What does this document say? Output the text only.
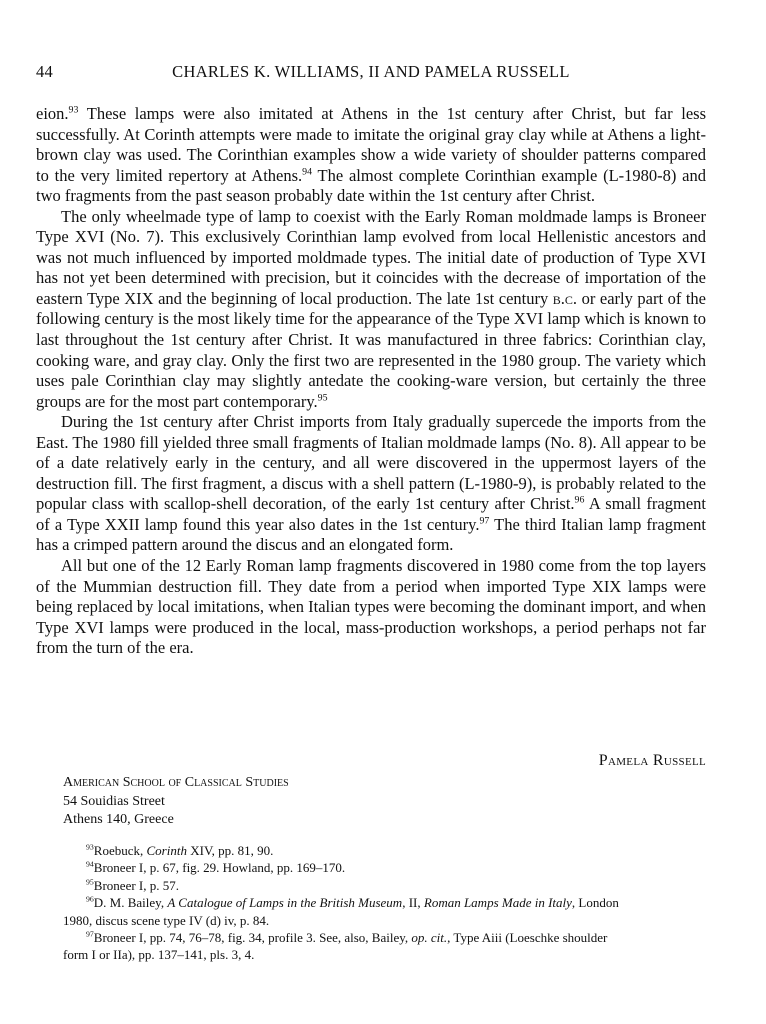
44	CHARLES K. WILLIAMS, II AND PAMELA RUSSELL

eion.$^{93}$ These lamps were also imitated at Athens in the 1st century after Christ, but far less successfully. At Corinth attempts were made to imitate the original gray clay while at Athens a light-brown clay was used. The Corinthian examples show a wide variety of shoulder patterns compared to the very limited repertory at Athens.$^{94}$ The almost complete Corinthian example (L-1980-8) and two fragments from the past season probably date within the 1st century after Christ.

The only wheelmade type of lamp to coexist with the Early Roman moldmade lamps is Broneer Type XVI (No. 7). This exclusively Corinthian lamp evolved from local Hellenistic ancestors and was not much influenced by imported moldmade types. The initial date of production of Type XVI has not yet been determined with precision, but it coincides with the decrease of importation of the eastern Type XIX and the beginning of local production. The late 1st century b.c. or early part of the following century is the most likely time for the appearance of the Type XVI lamp which is known to last throughout the 1st century after Christ. It was manufactured in three fabrics: Corinthian clay, cooking ware, and gray clay. Only the first two are represented in the 1980 group. The variety which uses pale Corinthian clay may slightly antedate the cooking-ware version, but certainly the three groups are for the most part contemporary.$^{95}$

During the 1st century after Christ imports from Italy gradually supercede the imports from the East. The 1980 fill yielded three small fragments of Italian moldmade lamps (No. 8). All appear to be of a date relatively early in the century, and all were discovered in the uppermost layers of the destruction fill. The first fragment, a discus with a shell pattern (L-1980-9), is probably related to the popular class with scallop-shell decoration, of the early 1st century after Christ.$^{96}$ A small fragment of a Type XXII lamp found this year also dates in the 1st century.$^{97}$ The third Italian lamp fragment has a crimped pattern around the discus and an elongated form.

All but one of the 12 Early Roman lamp fragments discovered in 1980 come from the top layers of the Mummian destruction fill. They date from a period when imported Type XIX lamps were being replaced by local imitations, when Italian types were becoming the dominant import, and when Type XVI lamps were produced in the local, mass-production workshops, a period perhaps not far from the turn of the era.

Pamela Russell
American School of Classical Studies
54 Souidias Street
Athens 140, Greece

$^{93}$Roebuck, Corinth XIV, pp. 81, 90.

$^{94}$Broneer I, p. 67, fig. 29. Howland, pp. 169–170.

$^{95}$Broneer I, p. 57.

$^{96}$D. M. Bailey, A Catalogue of Lamps in the British Museum, II, Roman Lamps Made in Italy, London

1980, discus scene type IV (d) iv, p. 84.

$^{97}$Broneer I, pp. 74, 76–78, fig. 34, profile 3. See, also, Bailey, op. cit., Type Aiii (Loeschke shoulder

form I or IIa), pp. 137–141, pls. 3, 4.
